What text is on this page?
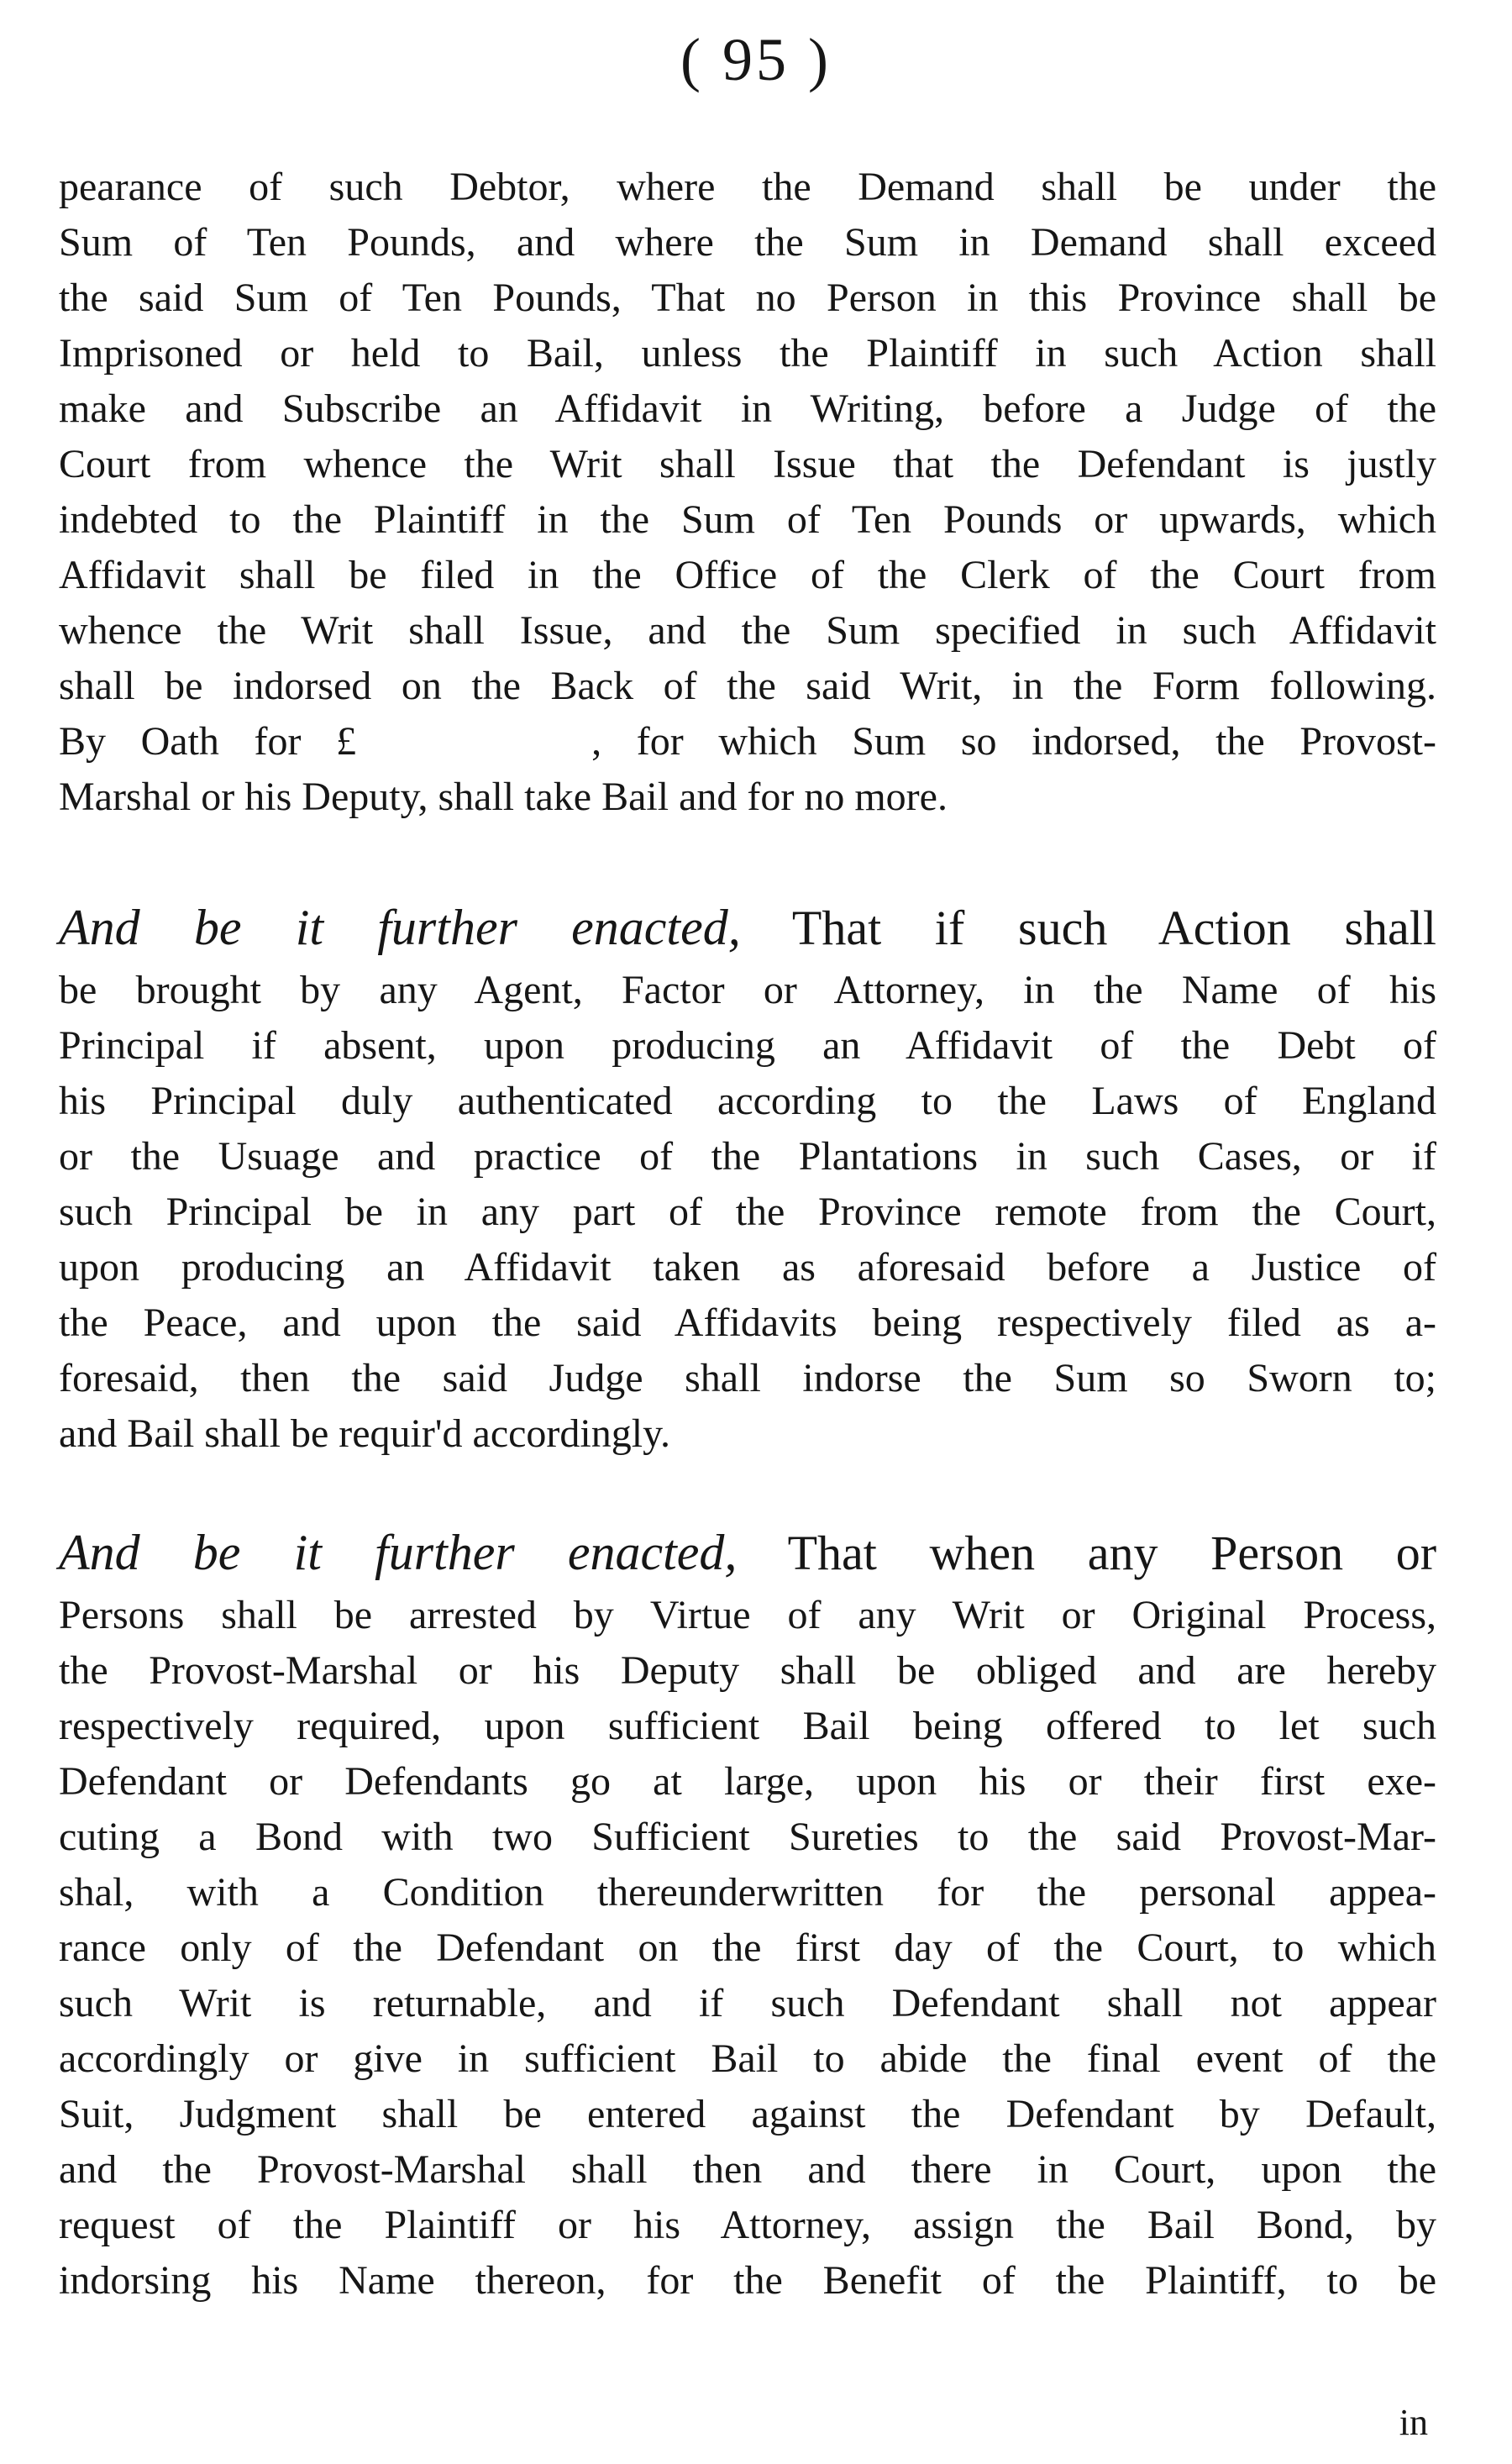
( 95 )
pearance of such Debtor, where the Demand shall be under the
Sum of Ten Pounds, and where the Sum in Demand shall exceed
the said Sum of Ten Pounds, That no Person in this Province shall be
Imprisoned or held to Bail, unless the Plaintiff in such Action shall
make and Subscribe an Affidavit in Writing, before a Judge of the
Court from whence the Writ shall Issue that the Defendant is justly
indebted to the Plaintiff in the Sum of Ten Pounds or upwards, which
Affidavit shall be filed in the Office of the Clerk of the Court from
whence the Writ shall Issue, and the Sum specified in such Affidavit
shall be indorsed on the Back of the said Writ, in the Form following.
By Oath for £	, for which Sum so indorsed, the Provost-
Marshal or his Deputy, shall take Bail and for no more.
And be it further enacted, That if such Action shall
be brought by any Agent, Factor or Attorney, in the Name of his
Principal if absent, upon producing an Affidavit of the Debt of
his Principal duly authenticated according to the Laws of England
or the Usuage and practice of the Plantations in such Cases, or if
such Principal be in any part of the Province remote from the Court,
upon producing an Affidavit taken as aforesaid before a Justice of
the Peace, and upon the said Affidavits being respectively filed as a-
foresaid, then the said Judge shall indorse the Sum so Sworn to;
and Bail shall be requir'd accordingly.
And be it further enacted, That when any Person or
Persons shall be arrested by Virtue of any Writ or Original Process,
the Provost-Marshal or his Deputy shall be obliged and are hereby
respectively required, upon sufficient Bail being offered to let such
Defendant or Defendants go at large, upon his or their first exe-
cuting a Bond with two Sufficient Sureties to the said Provost-Mar-
shal, with a Condition thereunderwritten for the personal appea-
rance only of the Defendant on the first day of the Court, to which
such Writ is returnable, and if such Defendant shall not appear
accordingly or give in sufficient Bail to abide the final event of the
Suit, Judgment shall be entered against the Defendant by Default,
and the Provost-Marshal shall then and there in Court, upon the
request of the Plaintiff or his Attorney, assign the Bail Bond, by
indorsing his Name thereon, for the Benefit of the Plaintiff, to be
in
